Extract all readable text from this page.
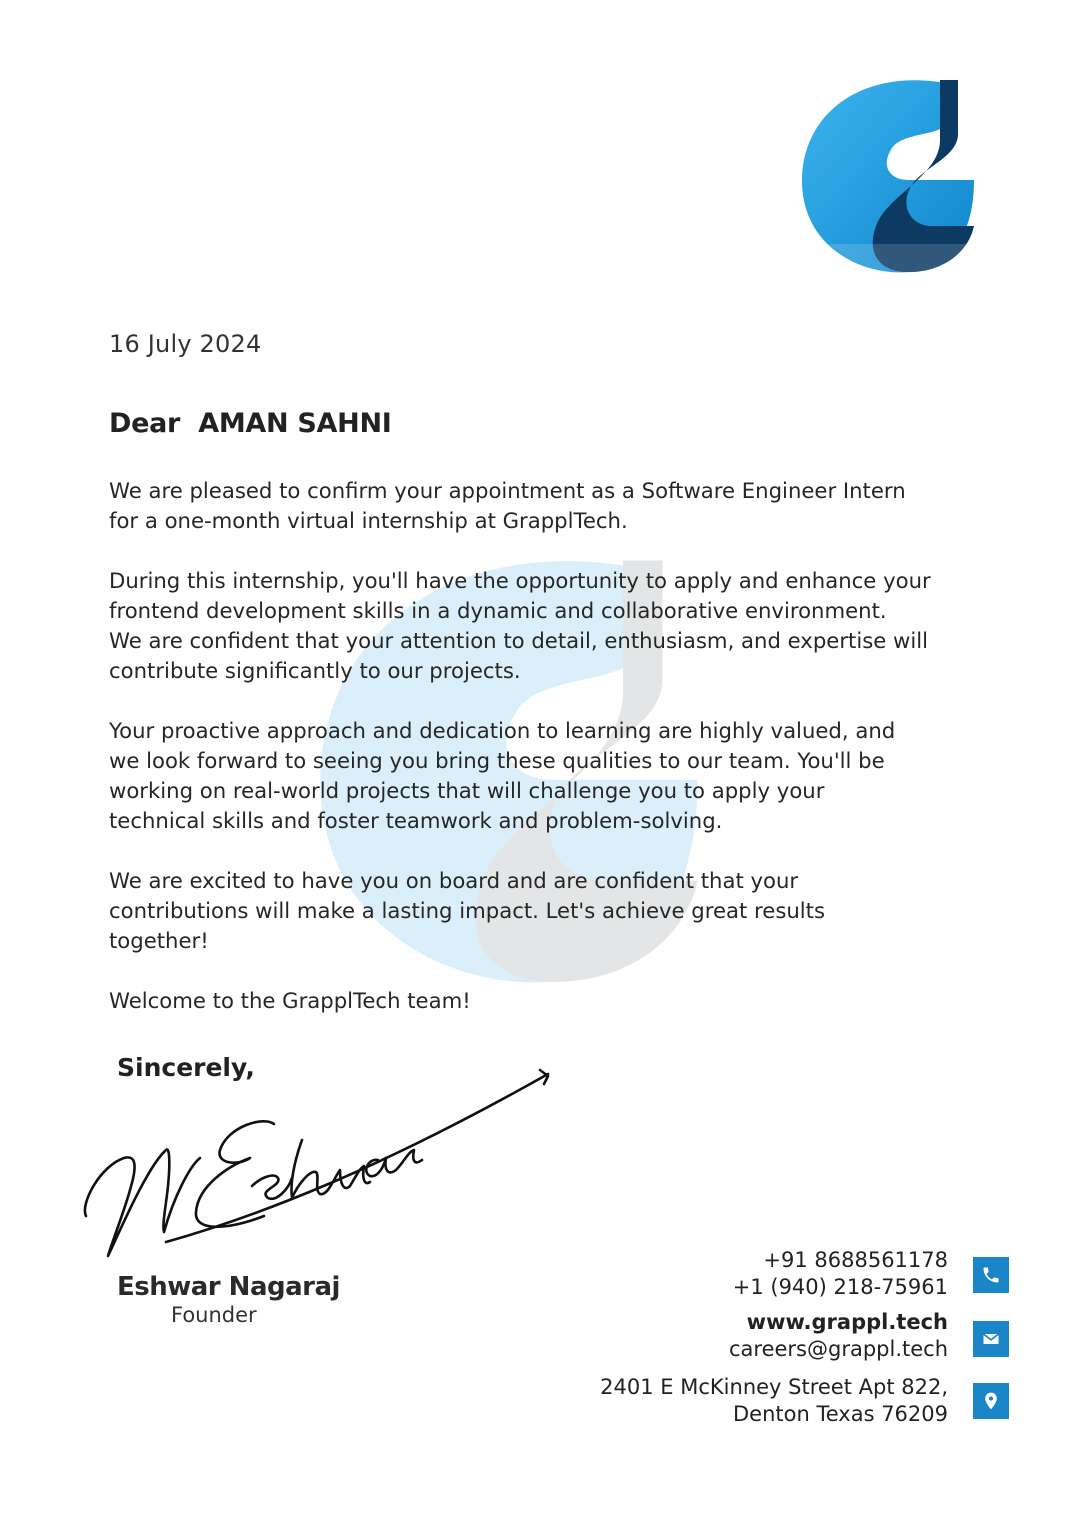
16 July 2024
Dear  AMAN SAHNI

We are pleased to confirm your appointment as a Software Engineer Intern
for a one-month virtual internship at GrapplTech.

During this internship, you'll have the opportunity to apply and enhance your
frontend development skills in a dynamic and collaborative environment.
We are confident that your attention to detail, enthusiasm, and expertise will
contribute significantly to our projects.

Your proactive approach and dedication to learning are highly valued, and
we look forward to seeing you bring these qualities to our team. You'll be
working on real-world projects that will challenge you to apply your
technical skills and foster teamwork and problem-solving.

We are excited to have you on board and are confident that your
contributions will make a lasting impact. Let's achieve great results
together!

Welcome to the GrapplTech team!

Sincerely,
Eshwar Nagaraj
Founder
+91 8688561178
+1 (940) 218-75961
www.grappl.tech
careers@grappl.tech
2401 E McKinney Street Apt 822,
Denton Texas 76209
